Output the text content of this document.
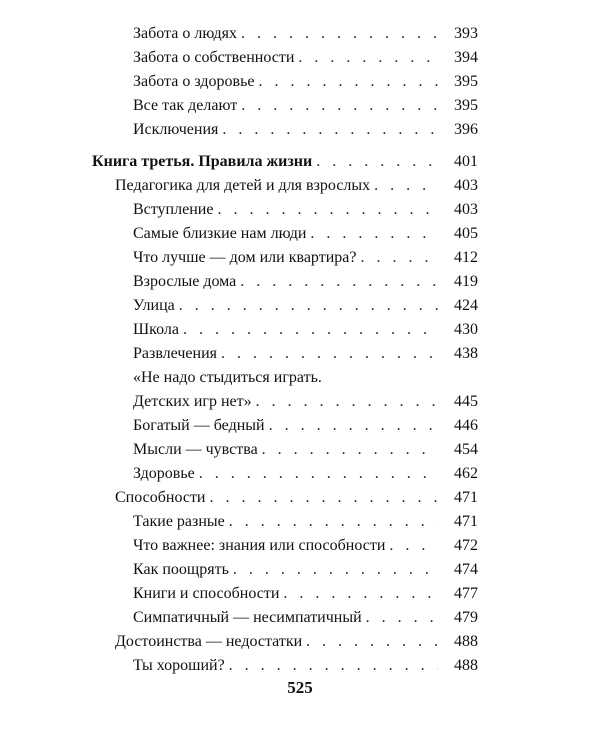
Забота о людях . . .	393
Забота о собственности . . .	394
Забота о здоровье . . .	395
Все так делают . . .	395
Исключения . . .	396
Книга третья. Правила жизни . . .	401
Педагогика для детей и для взрослых . . .	403
Вступление . . .	403
Самые близкие нам люди . . .	405
Что лучше — дом или квартира? . . .	412
Взрослые дома . . .	419
Улица . . .	424
Школа . . .	430
Развлечения . . .	438
«Не надо стыдиться играть.
Детских игр нет» . . .	445
Богатый — бедный . . .	446
Мысли — чувства . . .	454
Здоровье . . .	462
Способности . . .	471
Такие разные . . .	471
Что важнее: знания или способности . . .	472
Как поощрять . . .	474
Книги и способности . . .	477
Симпатичный — несимпатичный . . .	479
Достоинства — недостатки . . .	488
Ты хороший? . . .	488
525
